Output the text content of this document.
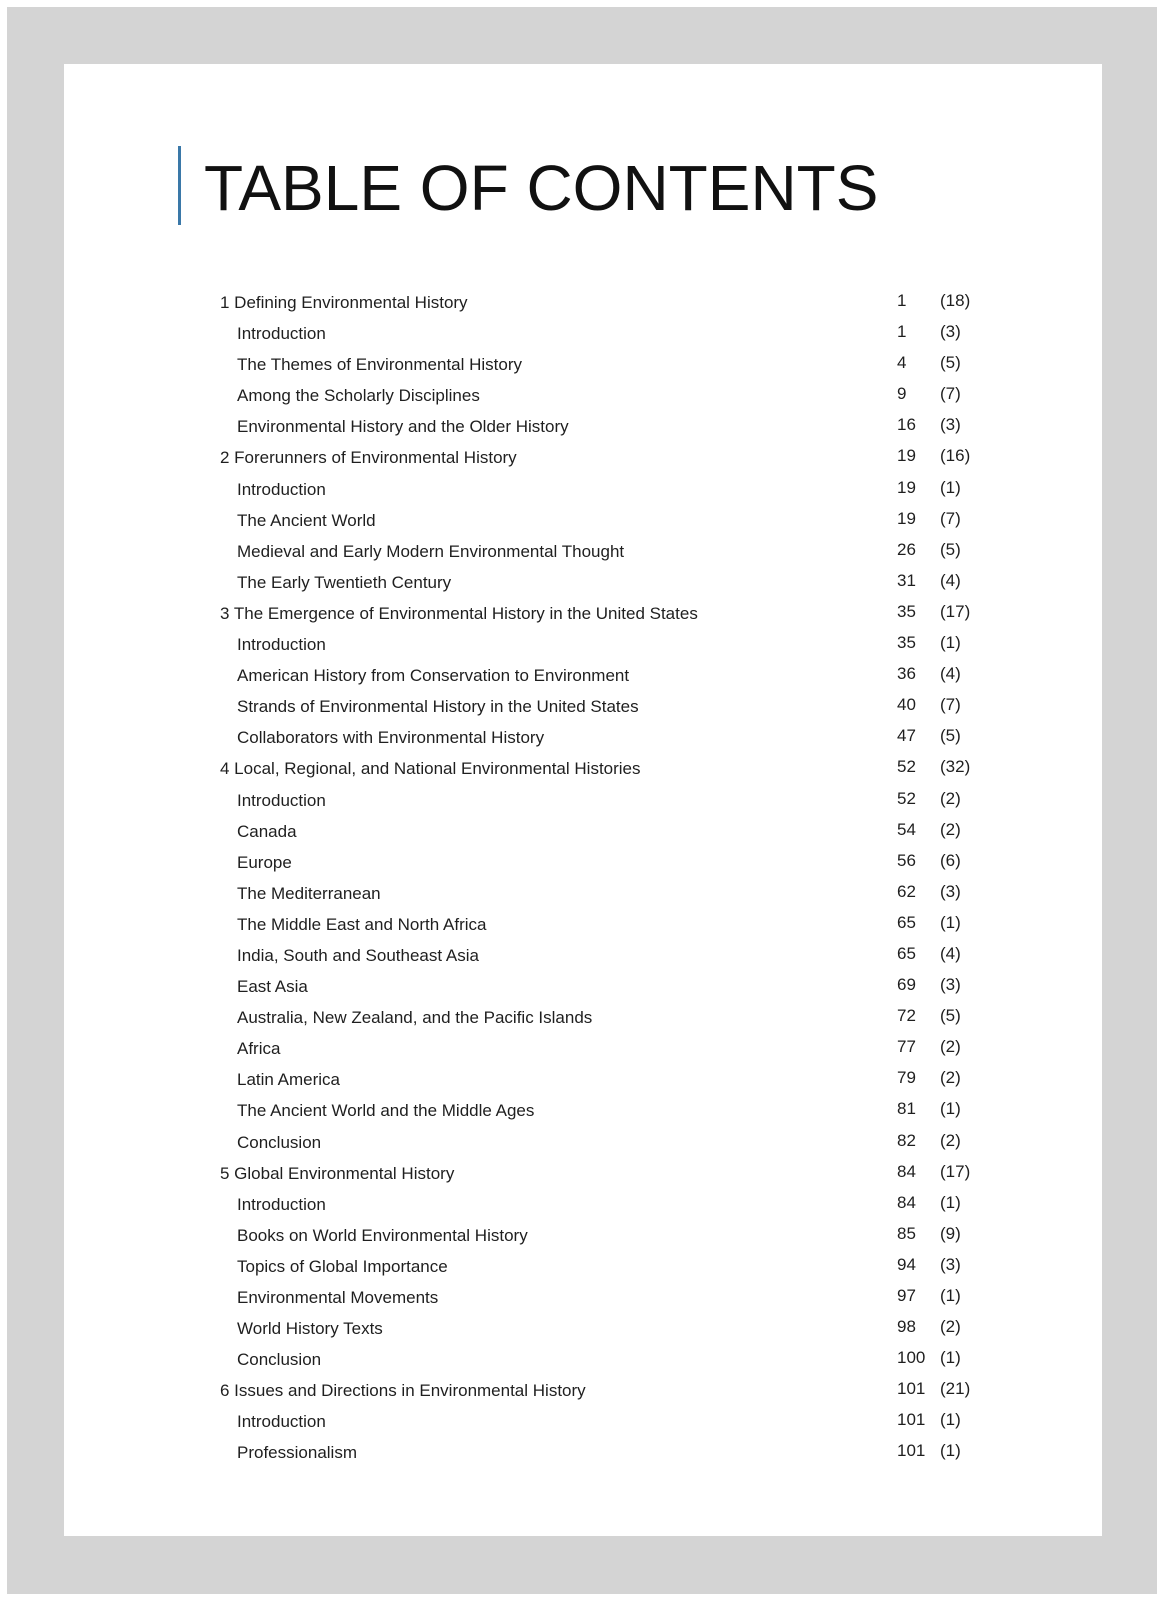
TABLE OF CONTENTS
1 Defining Environmental History	1 (18)
Introduction	1 (3)
The Themes of Environmental History	4 (5)
Among the Scholarly Disciplines	9 (7)
Environmental History and the Older History	16 (3)
2 Forerunners of Environmental History	19 (16)
Introduction	19 (1)
The Ancient World	19 (7)
Medieval and Early Modern Environmental Thought	26 (5)
The Early Twentieth Century	31 (4)
3 The Emergence of Environmental History in the United States	35 (17)
Introduction	35 (1)
American History from Conservation to Environment	36 (4)
Strands of Environmental History in the United States	40 (7)
Collaborators with Environmental History	47 (5)
4 Local, Regional, and National Environmental Histories	52 (32)
Introduction	52 (2)
Canada	54 (2)
Europe	56 (6)
The Mediterranean	62 (3)
The Middle East and North Africa	65 (1)
India, South and Southeast Asia	65 (4)
East Asia	69 (3)
Australia, New Zealand, and the Pacific Islands	72 (5)
Africa	77 (2)
Latin America	79 (2)
The Ancient World and the Middle Ages	81 (1)
Conclusion	82 (2)
5 Global Environmental History	84 (17)
Introduction	84 (1)
Books on World Environmental History	85 (9)
Topics of Global Importance	94 (3)
Environmental Movements	97 (1)
World History Texts	98 (2)
Conclusion	100 (1)
6 Issues and Directions in Environmental History	101 (21)
Introduction	101 (1)
Professionalism	101 (1)
